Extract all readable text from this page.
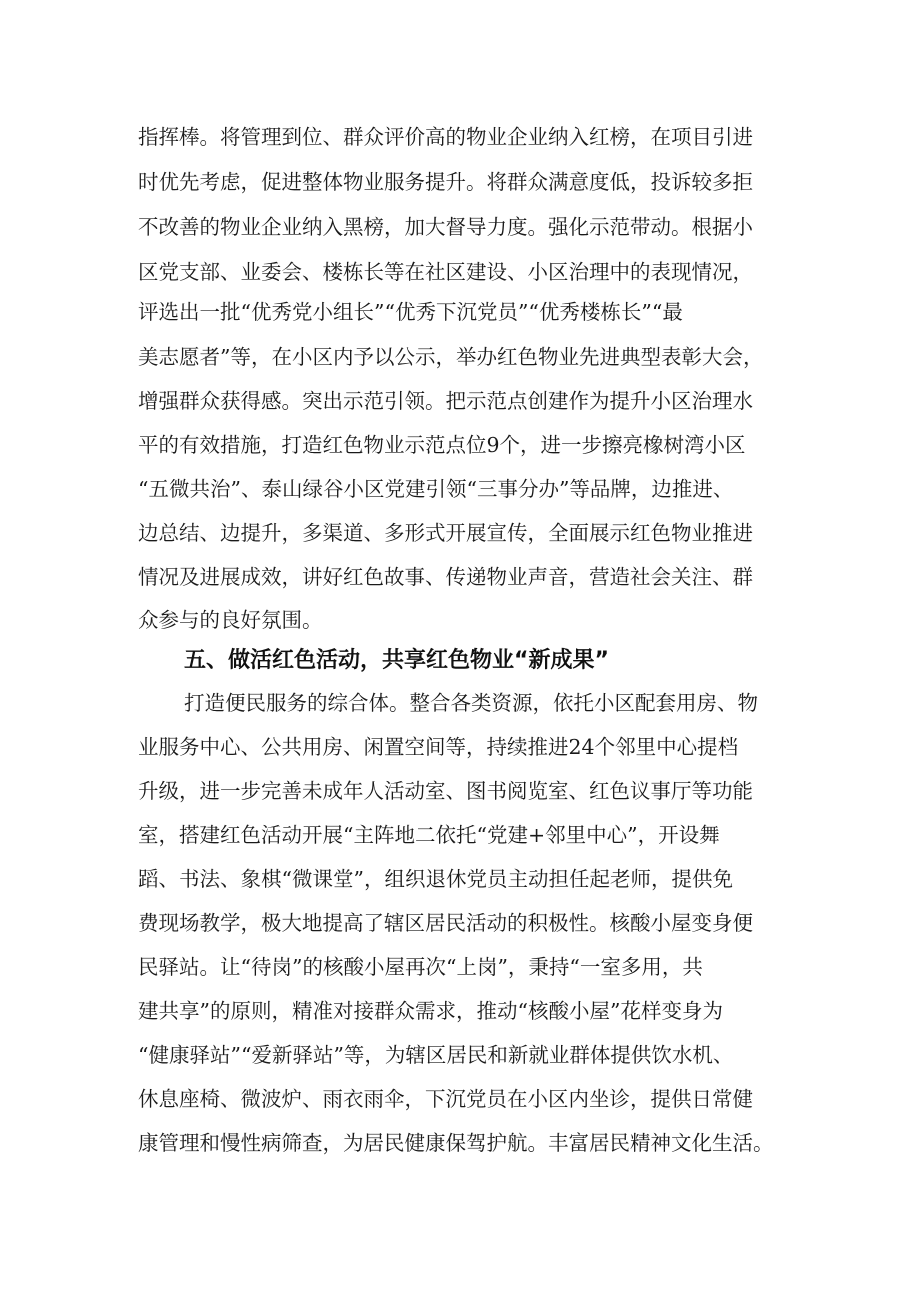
指挥棒。将管理到位、群众评价高的物业企业纳入红榜，在项目引进
时优先考虑，促进整体物业服务提升。将群众满意度低，投诉较多拒
不改善的物业企业纳入黑榜，加大督导力度。强化示范带动。根据小
区党支部、业委会、楼栋长等在社区建设、小区治理中的表现情况，
评选出一批“优秀党小组长”“优秀下沉党员”“优秀楼栋长”“最
美志愿者”等，在小区内予以公示，举办红色物业先进典型表彰大会，
增强群众获得感。突出示范引领。把示范点创建作为提升小区治理水
平的有效措施，打造红色物业示范点位9个，进一步擦亮橡树湾小区
“五微共治”、泰山绿谷小区党建引领“三事分办”等品牌，边推进、
边总结、边提升，多渠道、多形式开展宣传，全面展示红色物业推进
情况及进展成效，讲好红色故事、传递物业声音，营造社会关注、群
众参与的良好氛围。
五、做活红色活动，共享红色物业“新成果”
打造便民服务的综合体。整合各类资源，依托小区配套用房、物
业服务中心、公共用房、闲置空间等，持续推进24个邻里中心提档
升级，进一步完善未成年人活动室、图书阅览室、红色议事厅等功能
室，搭建红色活动开展“主阵地二依托“党建+邻里中心”，开设舞
蹈、书法、象棋“微课堂”，组织退休党员主动担任起老师，提供免
费现场教学，极大地提高了辖区居民活动的积极性。核酸小屋变身便
民驿站。让“待岗”的核酸小屋再次“上岗”，秉持“一室多用，共
建共享”的原则，精准对接群众需求，推动“核酸小屋”花样变身为
“健康驿站”“爱新驿站”等，为辖区居民和新就业群体提供饮水机、
休息座椅、微波炉、雨衣雨伞，下沉党员在小区内坐诊，提供日常健
康管理和慢性病筛查，为居民健康保驾护航。丰富居民精神文化生活。
